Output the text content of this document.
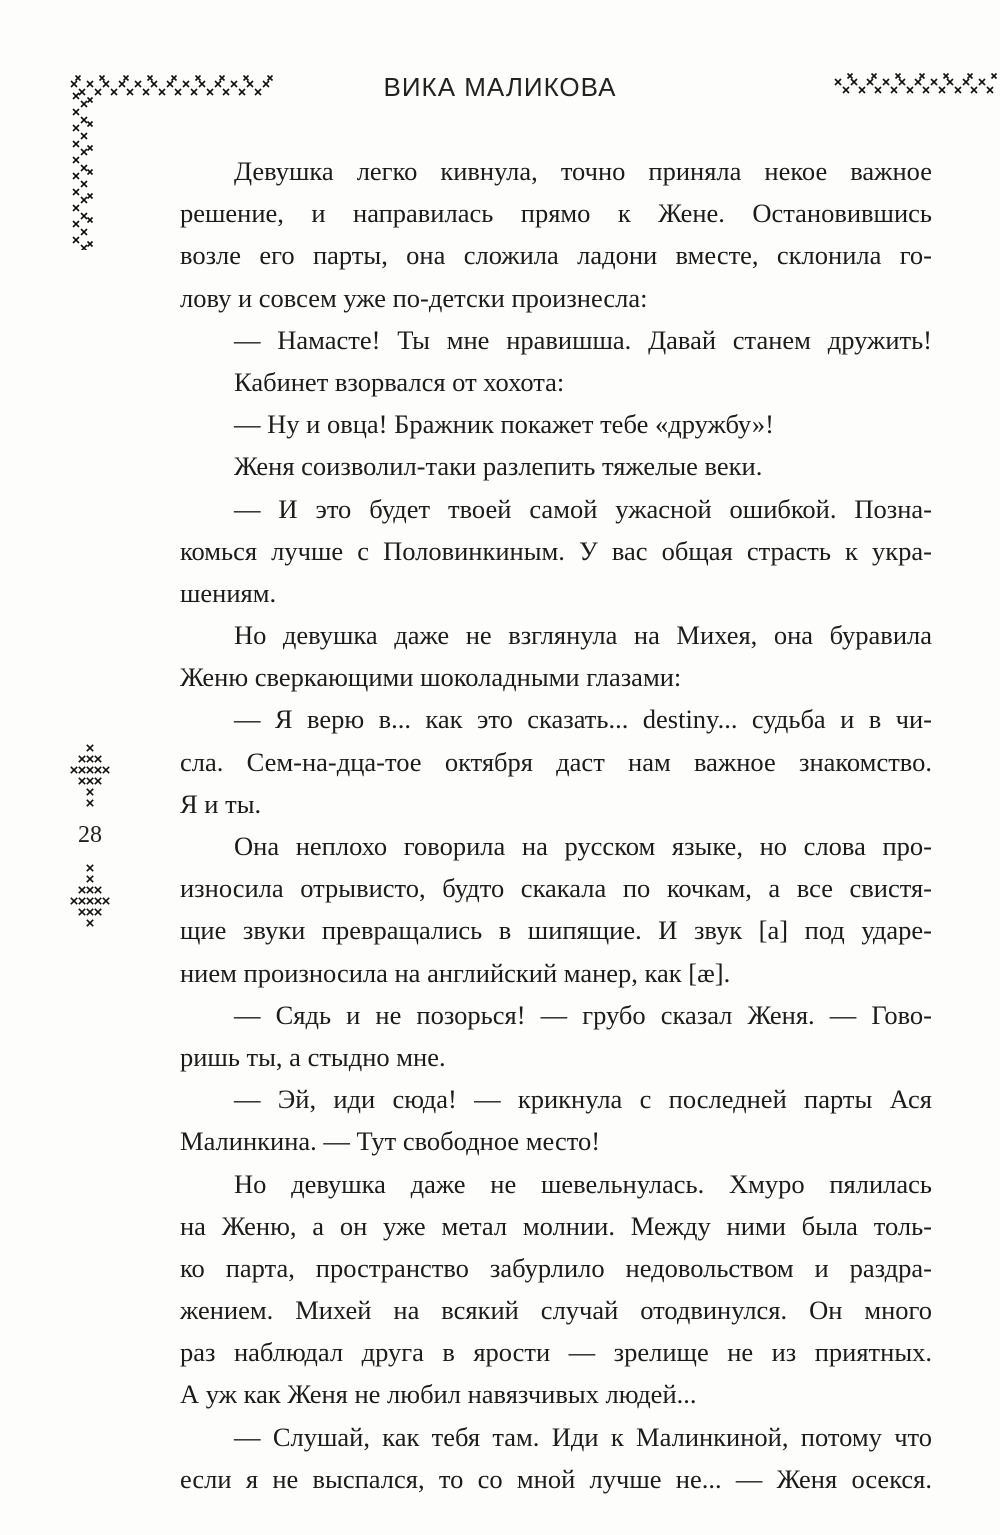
ВИКА МАЛИКОВА
28
Девушка легко кивнула, точно приняла некое важное
решение, и направилась прямо к Жене. Остановившись
возле его парты, она сложила ладони вместе, склонила го-
лову и совсем уже по-детски произнесла:
— Намасте! Ты мне нравишша. Давай станем дружить!
Кабинет взорвался от хохота:
— Ну и овца! Бражник покажет тебе «дружбу»!
Женя соизволил-таки разлепить тяжелые веки.
— И это будет твоей самой ужасной ошибкой. Позна-
комься лучше с Половинкиным. У вас общая страсть к укра-
шениям.
Но девушка даже не взглянула на Михея, она буравила
Женю сверкающими шоколадными глазами:
— Я верю в... как это сказать... destiny... судьба и в чи-
сла. Сем-на-дца-тое октября даст нам важное знакомство.
Я и ты.
Она неплохо говорила на русском языке, но слова про-
износила отрывисто, будто скакала по кочкам, а все свистя-
щие звуки превращались в шипящие. И звук [а] под ударе-
нием произносила на английский манер, как [æ].
— Сядь и не позорься! — грубо сказал Женя. — Гово-
ришь ты, а стыдно мне.
— Эй, иди сюда! — крикнула с последней парты Ася
Малинкина. — Тут свободное место!
Но девушка даже не шевельнулась. Хмуро пялилась
на Женю, а он уже метал молнии. Между ними была толь-
ко парта, пространство забурлило недовольством и раздра-
жением. Михей на всякий случай отодвинулся. Он много
раз наблюдал друга в ярости — зрелище не из приятных.
А уж как Женя не любил навязчивых людей...
— Слушай, как тебя там. Иди к Малинкиной, потому что
если я не выспался, то со мной лучше не... — Женя осекся.
